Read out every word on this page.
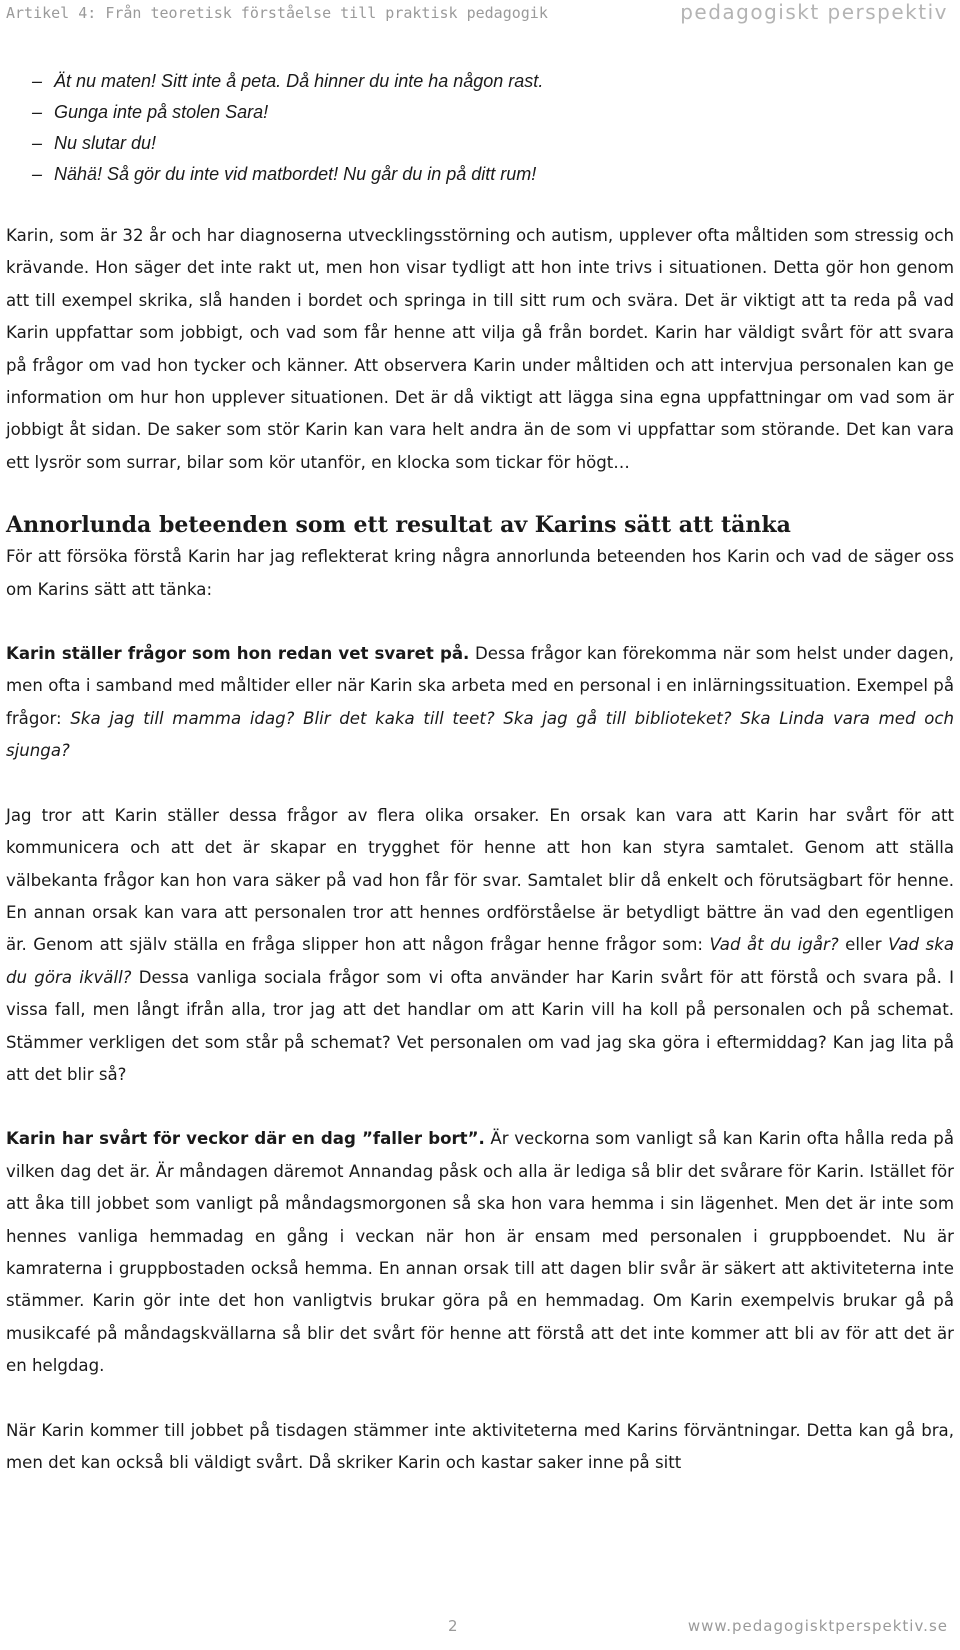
Artikel 4: Från teoretisk förståelse till praktisk pedagogik	pedagogiskt perspektiv

– Ät nu maten! Sitt inte å peta. Då hinner du inte ha någon rast.

– Gunga inte på stolen Sara!

– Nu slutar du!

– Nähä! Så gör du inte vid matbordet! Nu går du in på ditt rum!

Karin, som är 32 år och har diagnoserna utvecklingsstörning och autism, upplever ofta måltiden som stressig och krävande. Hon säger det inte rakt ut, men hon visar tydligt att hon inte trivs i situationen. Detta gör hon genom att till exempel skrika, slå handen i bordet och springa in till sitt rum och svära. Det är viktigt att ta reda på vad Karin uppfattar som jobbigt, och vad som får henne att vilja gå från bordet. Karin har väldigt svårt för att svara på frågor om vad hon tycker och känner. Att observera Karin under måltiden och att intervjua personalen kan ge information om hur hon upplever situationen. Det är då viktigt att lägga sina egna uppfattningar om vad som är jobbigt åt sidan. De saker som stör Karin kan vara helt andra än de som vi uppfattar som störande. Det kan vara ett lysrör som surrar, bilar som kör utanför, en klocka som tickar för högt…

Annorlunda beteenden som ett resultat av Karins sätt att tänka

För att försöka förstå Karin har jag reflekterat kring några annorlunda beteenden hos Karin och vad de säger oss om Karins sätt att tänka:

Karin ställer frågor som hon redan vet svaret på. Dessa frågor kan förekomma när som helst under dagen, men ofta i samband med måltider eller när Karin ska arbeta med en personal i en inlärningssituation. Exempel på frågor: Ska jag till mamma idag? Blir det kaka till teet? Ska jag gå till biblioteket? Ska Linda vara med och sjunga?

Jag tror att Karin ställer dessa frågor av flera olika orsaker. En orsak kan vara att Karin har svårt för att kommunicera och att det är skapar en trygghet för henne att hon kan styra samtalet. Genom att ställa välbekanta frågor kan hon vara säker på vad hon får för svar. Samtalet blir då enkelt och förutsägbart för henne. En annan orsak kan vara att personalen tror att hennes ordförståelse är betydligt bättre än vad den egentligen är. Genom att själv ställa en fråga slipper hon att någon frågar henne frågor som: Vad åt du igår? eller Vad ska du göra ikväll? Dessa vanliga sociala frågor som vi ofta använder har Karin svårt för att förstå och svara på. I vissa fall, men långt ifrån alla, tror jag att det handlar om att Karin vill ha koll på personalen och på schemat. Stämmer verkligen det som står på schemat? Vet personalen om vad jag ska göra i eftermiddag? Kan jag lita på att det blir så?

Karin har svårt för veckor där en dag ”faller bort”. Är veckorna som vanligt så kan Karin ofta hålla reda på vilken dag det är. Är måndagen däremot Annandag påsk och alla är lediga så blir det svårare för Karin. Istället för att åka till jobbet som vanligt på måndagsmorgonen så ska hon vara hemma i sin lägenhet. Men det är inte som hennes vanliga hemmadag en gång i veckan när hon är ensam med personalen i gruppboendet. Nu är kamraterna i gruppbostaden också hemma. En annan orsak till att dagen blir svår är säkert att aktiviteterna inte stämmer. Karin gör inte det hon vanligtvis brukar göra på en hemmadag. Om Karin exempelvis brukar gå på musikcafé på måndagskvällarna så blir det svårt för henne att förstå att det inte kommer att bli av för att det är en helgdag.

När Karin kommer till jobbet på tisdagen stämmer inte aktiviteterna med Karins förväntningar. Detta kan gå bra, men det kan också bli väldigt svårt. Då skriker Karin och kastar saker inne på sitt

2	www.pedagogisktperspektiv.se
